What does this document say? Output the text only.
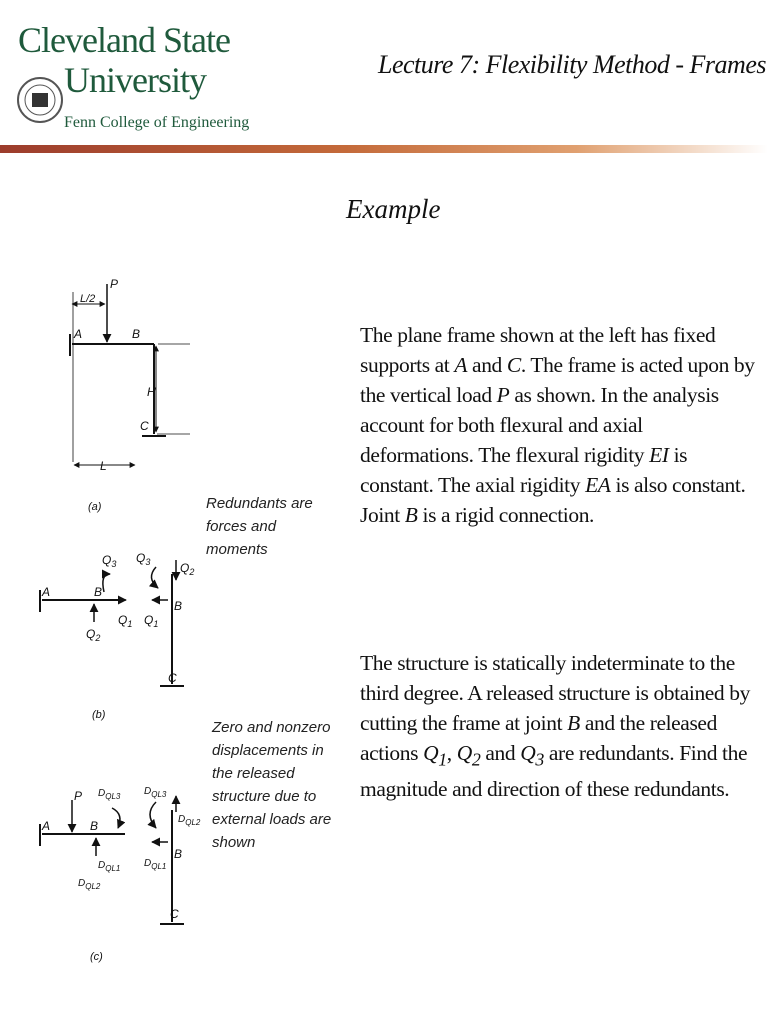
Cleveland State
University
Fenn College of Engineering
Lecture 7: Flexibility Method - Frames
Example
The plane frame shown at the left has fixed supports at A and C. The frame is acted upon by the vertical load P as shown. In the analysis account for both flexural and axial deformations. The flexural rigidity EI is constant. The axial rigidity EA is also constant. Joint B is a rigid connection.
The structure is statically indeterminate to the third degree. A released structure is obtained by cutting the frame at joint B and the released actions $Q_1$, $Q_2$ and $Q_3$ are redundants. Find the magnitude and direction of these redundants.
Redundants are forces and moments
Zero and nonzero displacements in the released structure due to external loads are shown
P
L/2
A	B
H
C
L
(a)
A	B
$Q_3$
$Q_1$
$Q_2$
B
C
$Q_3$ $Q_2$
$Q_1$
(b)
A
P
B
$D_{QL3}$
$D_{QL1}$
$D_{QL2}$
B
C
$D_{QL3}$
$D_{QL2}$
$D_{QL1}$
(c)
